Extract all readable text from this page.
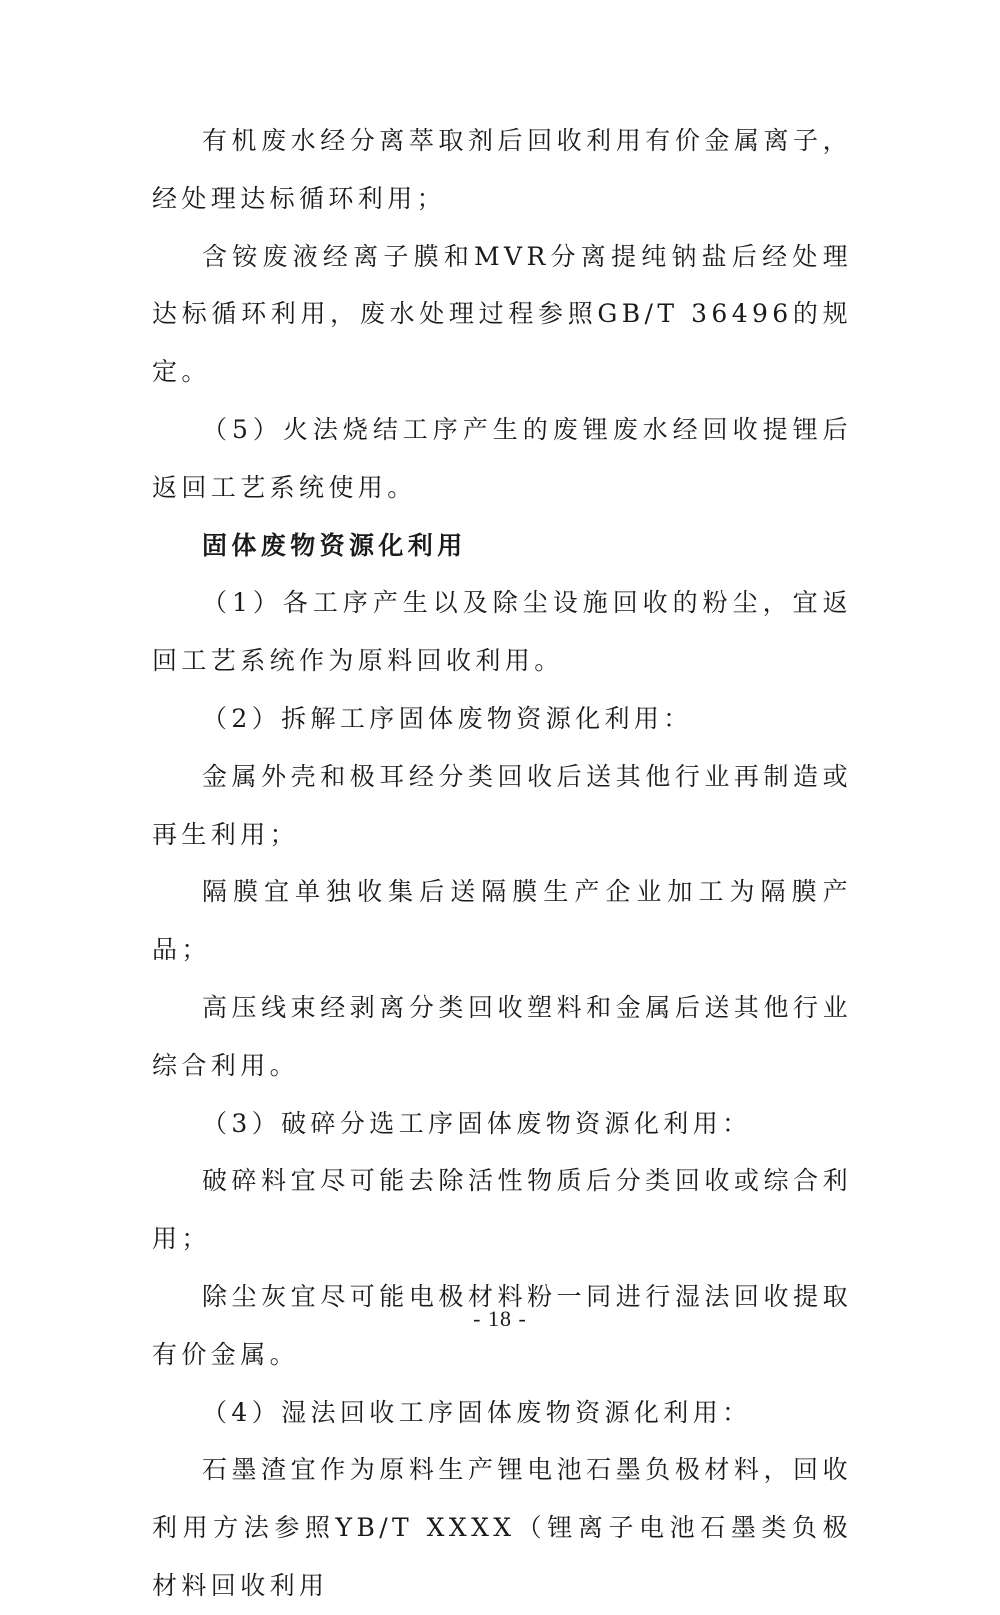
有机废水经分离萃取剂后回收利用有价金属离子，经处理达标循环利用；

含铵废液经离子膜和MVR分离提纯钠盐后经处理达标循环利用，废水处理过程参照GB/T 36496的规定。

（5）火法烧结工序产生的废锂废水经回收提锂后返回工艺系统使用。

固体废物资源化利用

（1）各工序产生以及除尘设施回收的粉尘，宜返回工艺系统作为原料回收利用。

（2）拆解工序固体废物资源化利用：

金属外壳和极耳经分类回收后送其他行业再制造或再生利用；

隔膜宜单独收集后送隔膜生产企业加工为隔膜产品；

高压线束经剥离分类回收塑料和金属后送其他行业综合利用。

（3）破碎分选工序固体废物资源化利用：

破碎料宜尽可能去除活性物质后分类回收或综合利用；

除尘灰宜尽可能电极材料粉一同进行湿法回收提取有价金属。

（4）湿法回收工序固体废物资源化利用：

石墨渣宜作为原料生产锂电池石墨负极材料，回收利用方法参照YB/T XXXX（锂离子电池石墨类负极材料回收利用

- 18 -
